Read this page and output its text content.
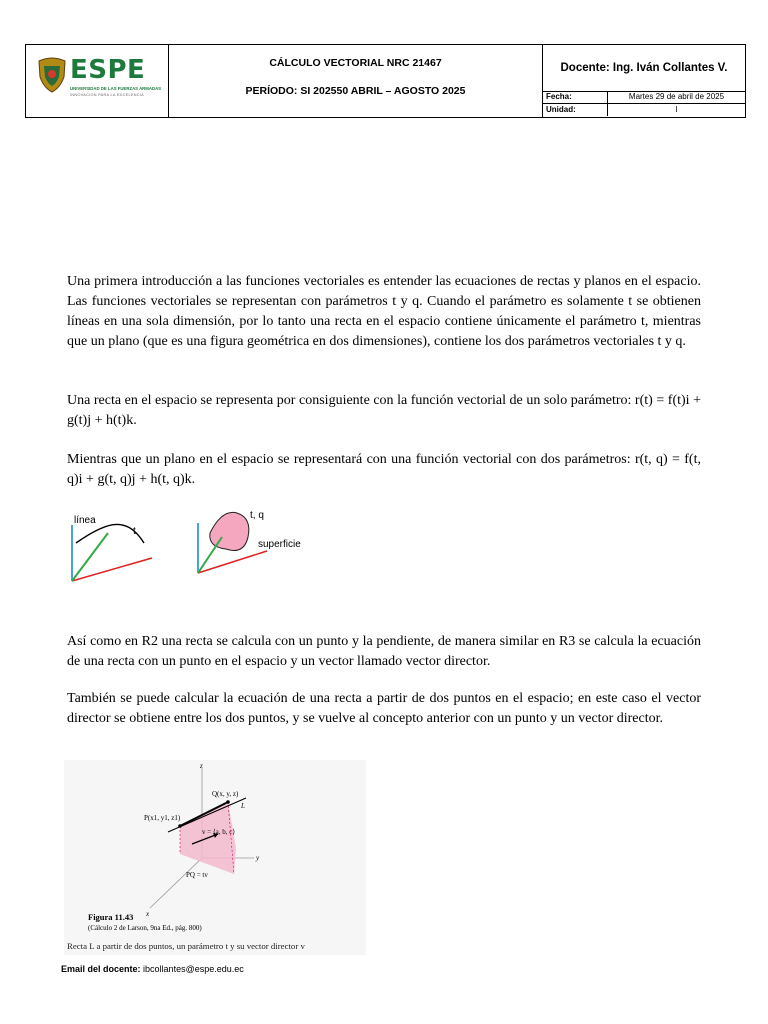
ESPE
UNIVERSIDAD DE LAS FUERZAS ARMADAS
INNOVACIÓN PARA LA EXCELENCIA
CÁLCULO VECTORIAL NRC 21467
PERÍODO: SI 202550 ABRIL – AGOSTO 2025
Docente: Ing. Iván Collantes V.
Fecha:	Martes 29 de abril de 2025
Unidad:	I
Una primera introducción a las funciones vectoriales es entender las ecuaciones de rectas y planos en el espacio. Las funciones vectoriales se representan con parámetros t y q. Cuando el parámetro es solamente t se obtienen líneas en una sola dimensión, por lo tanto una recta en el espacio contiene únicamente el parámetro t, mientras que un plano (que es una figura geométrica en dos dimensiones), contiene los dos parámetros vectoriales t y q.
Una recta en el espacio se representa por consiguiente con la función vectorial de un solo parámetro: r(t) = f(t)i + g(t)j + h(t)k.
Mientras que un plano en el espacio se representará con una función vectorial con dos parámetros: r(t, q) = f(t, q)i + g(t, q)j + h(t, q)k.
línea
t
t, q
superficie
Así como en R2 una recta se calcula con un punto y la pendiente, de manera similar en R3 se calcula la ecuación de una recta con un punto en el espacio y un vector llamado vector director.
También se puede calcular la ecuación de una recta a partir de dos puntos en el espacio; en este caso el vector director se obtiene entre los dos puntos, y se vuelve al concepto anterior con un punto y un vector director.
z
y
x
Q(x, y, z)
P(x1, y1, z1)
L
v = ⟨a, b, c⟩
PQ = tv
Figura 11.43
(Cálculo 2 de Larson, 9na Ed., pág. 800)
Recta L a partir de dos puntos, un parámetro t y su vector director v
Email del docente: ibcollantes@espe.edu.ec
